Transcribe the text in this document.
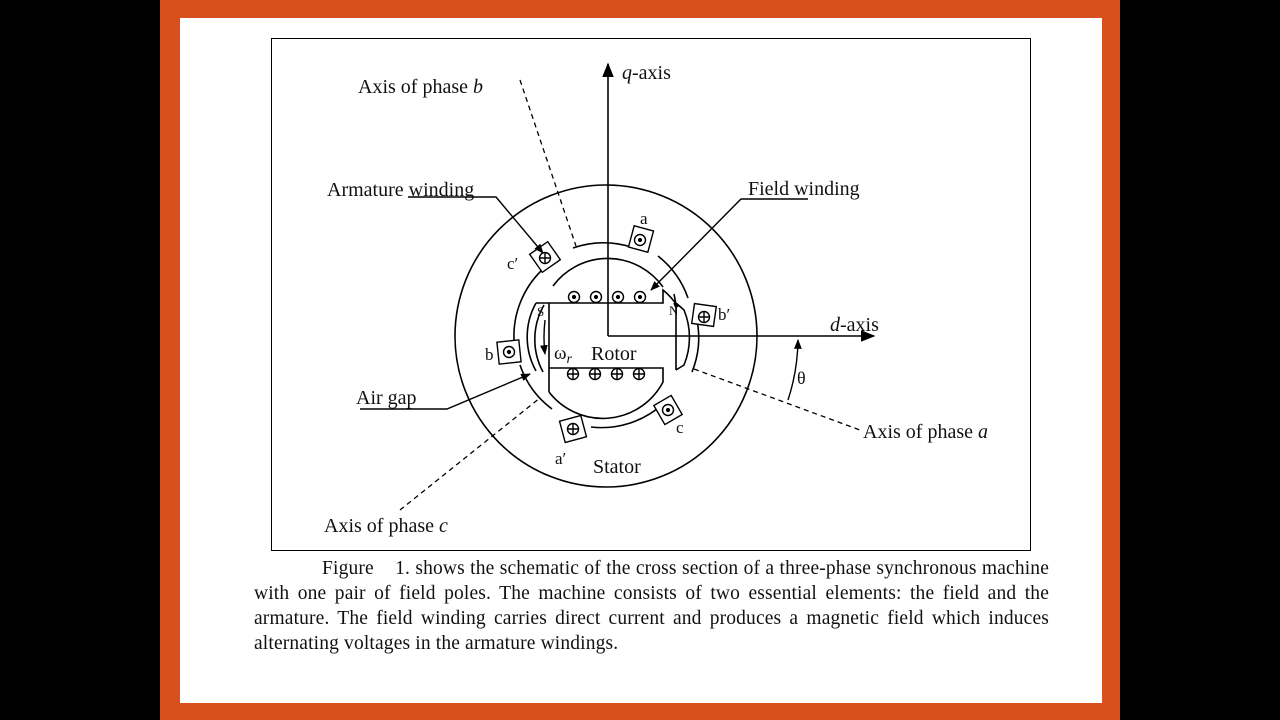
Axis of phase b
q-axis
Armature winding	Field winding
d-axis
Air gap
Axis of phase a
Axis of phase c
Rotor
Stator
$\omega_r$
θ
S	N
a
b′
c
a′
b
c′
Figure 1. shows the schematic of the cross section of a three-phase synchronous machine with one pair of field poles. The machine consists of two essential elements: the field and the armature. The field winding carries direct current and produces a magnetic field which induces alternating voltages in the armature windings.
